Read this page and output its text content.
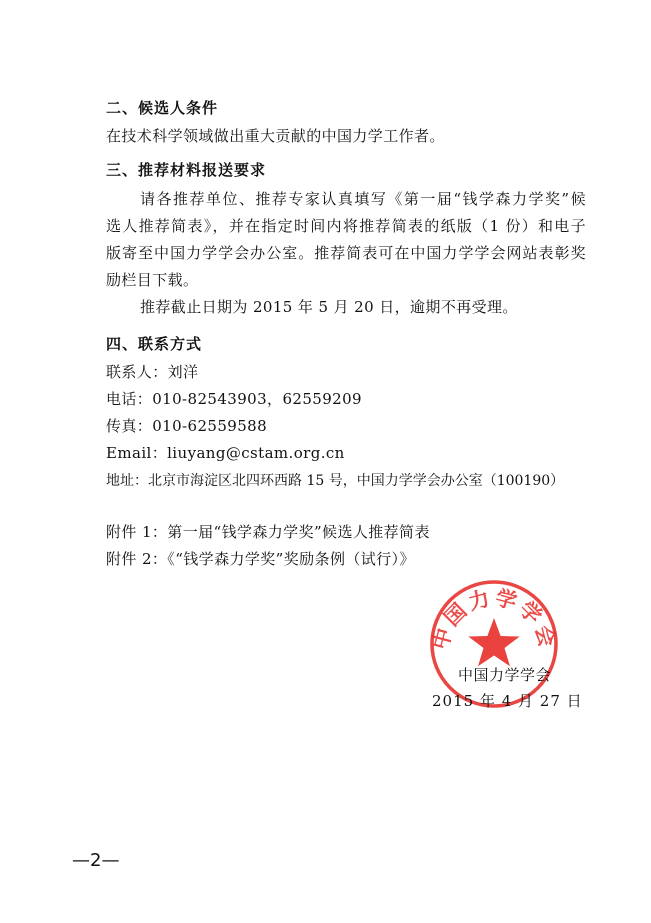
二、候选人条件
在技术科学领域做出重大贡献的中国力学工作者。
三、推荐材料报送要求
请各推荐单位、推荐专家认真填写《第一届“钱学森力学奖”候
选人推荐简表》，并在指定时间内将推荐简表的纸版（1 份）和电子
版寄至中国力学学会办公室。推荐简表可在中国力学学会网站表彰奖
励栏目下载。
推荐截止日期为 2015 年 5 月 20 日，逾期不再受理。
四、联系方式
联系人：刘洋
电话：010-82543903，62559209
传真：010-62559588
Email：liuyang@cstam.org.cn
地址：北京市海淀区北四环西路 15 号，中国力学学会办公室（100190）
附件 1：第一届“钱学森力学奖”候选人推荐简表
附件 2：《“钱学森力学奖”奖励条例（试行）》
中国力学学会
中国力学学会
2015 年 4 月 27 日
—2—
